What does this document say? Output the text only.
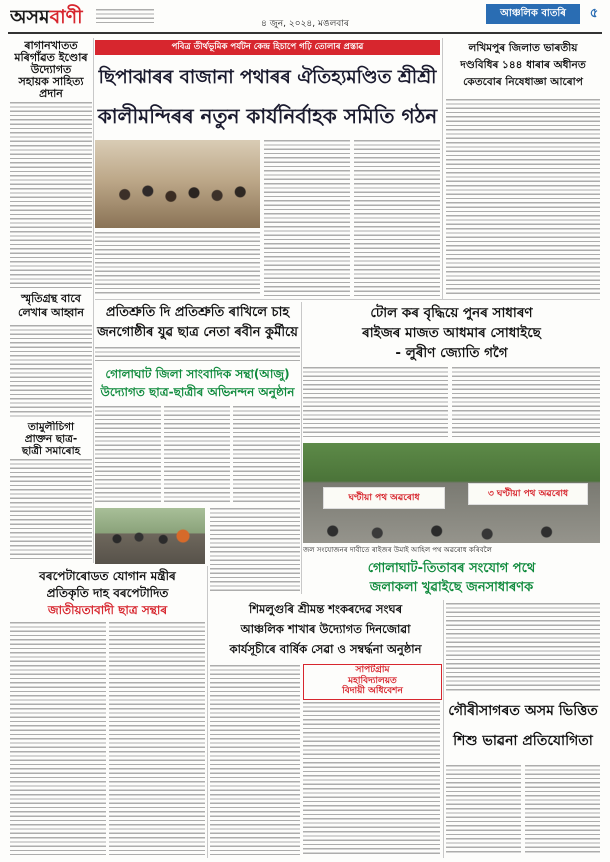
অসমবাণী	৪ জুন, ২০২৪, মঙলবাৰ
আঞ্চলিক বাতৰি	৫
ৰাগানখাতত
মৰিগাঁৱত ইণ্ডোৰ
উদ্যোগত
সহায়ক সাহিত্য
প্ৰদান
স্মৃতিগ্ৰন্থ বাবে
লেখাৰ আহ্বান
তামুলীচিগা
প্ৰাক্তন ছাত্ৰ-
ছাত্ৰী সমাৰোহ
পবিত্ৰ তীৰ্থভূমিক পৰ্যটন কেন্দ্ৰ হিচাপে গঢ়ি তোলাৰ প্ৰস্তাৱ
ছিপাঝাৰৰ বাজানা পথাৰৰ ঐতিহ্যমণ্ডিত শ্ৰীশ্ৰী
কালীমন্দিৰৰ নতুন কাৰ্যনিৰ্বাহক সমিতি গঠন
লখিমপুৰ জিলাত ভাৰতীয়
দণ্ডবিধিৰ ১৪৪ ধাৰাৰ অধীনত
কেতবোৰ নিষেধাজ্ঞা আৰোপ
প্ৰতিশ্ৰুতি দি প্ৰতিশ্ৰুতি ৰাখিলে চাহ
জনগোষ্ঠীৰ যুৱ ছাত্ৰ নেতা ৰবীন কুৰ্মীয়ে
গোলাঘাট জিলা সাংবাদিক সন্থা(আজু)
উদ্যোগত ছাত্ৰ-ছাত্ৰীৰ অভিনন্দন অনুষ্ঠান
টোল কৰ বৃদ্ধিয়ে পুনৰ সাধাৰণ
ৰাইজৰ মাজত আধমাৰ সোধাইছে
- লুৰীণ জ্যোতি গগৈ
ঘণ্টীয়া পথ অৱৰোধ	৩ ঘণ্টীয়া পথ অৱৰোধ
জল সংযোজনৰ দাবীতে ৰাইজৰ উমাই আহিল পথ অৱৰোধ কৰিবলৈ
গোলাঘাট-তিতাবৰ সংযোগ পথে
জলাকলা খুৱাইছে জনসাধাৰণক
বৰপেটাৰোডত যোগান মন্ত্ৰীৰ
প্ৰতিকৃতি দাহ বৰপেটাদিত
জাতীয়তাবাদী ছাত্ৰ সন্থাৰ	শিমলুগুৰি শ্ৰীমন্ত শংকৰদেৱ সংঘৰ
আঞ্চলিক শাখাৰ উদ্যোগত দিনজোৱা
কাৰ্যসূচীৰে বাৰ্ষিক সেৱা ও সম্বৰ্দ্ধনা অনুষ্ঠান
সাপটগ্ৰাম
মহাবিদ্যালয়ত
বিদায়ী অধিবেশন
গৌৰীসাগৰত অসম ভিত্তিত
শিশু ভাৱনা প্ৰতিযোগিতা
